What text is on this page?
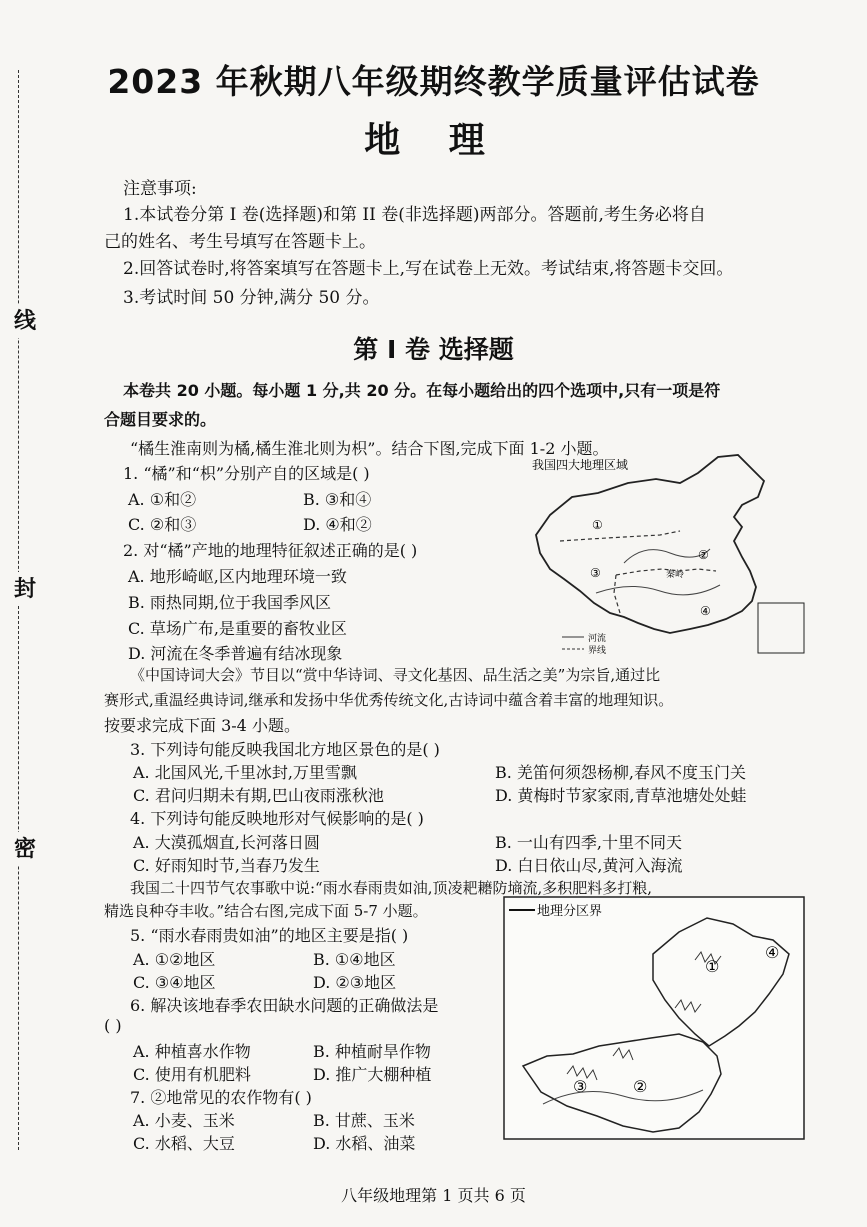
线
封
密
2023 年秋期八年级期终教学质量评估试卷
地 理
注意事项:
1.本试卷分第 I 卷(选择题)和第 II 卷(非选择题)两部分。答题前,考生务必将自
己的姓名、考生号填写在答题卡上。
2.回答试卷时,将答案填写在答题卡上,写在试卷上无效。考试结束,将答题卡交回。
3.考试时间 50 分钟,满分 50 分。
第 I 卷 选择题
本卷共 20 小题。每小题 1 分,共 20 分。在每小题给出的四个选项中,只有一项是符
合题目要求的。
“橘生淮南则为橘,橘生淮北则为枳”。结合下图,完成下面 1-2 小题。
1. “橘”和“枳”分别产自的区域是( )
A. ①和②	B. ③和④
C. ②和③	D. ④和②
2. 对“橘”产地的地理特征叙述正确的是( )
A. 地形崎岖,区内地理环境一致
B. 雨热同期,位于我国季风区
C. 草场广布,是重要的畜牧业区
D. 河流在冬季普遍有结冰现象
我国四大地理区域
①
②
③
④
秦岭
河流
界线
《中国诗词大会》节目以“赏中华诗词、寻文化基因、品生活之美”为宗旨,通过比
赛形式,重温经典诗词,继承和发扬中华优秀传统文化,古诗词中蕴含着丰富的地理知识。
按要求完成下面 3-4 小题。
3. 下列诗句能反映我国北方地区景色的是( )
A. 北国风光,千里冰封,万里雪飘	B. 羌笛何须怨杨柳,春风不度玉门关
C. 君问归期未有期,巴山夜雨涨秋池	D. 黄梅时节家家雨,青草池塘处处蛙
4. 下列诗句能反映地形对气候影响的是( )
A. 大漠孤烟直,长河落日圆	B. 一山有四季,十里不同天
C. 好雨知时节,当春乃发生	D. 白日依山尽,黄河入海流
我国二十四节气农事歌中说:“雨水春雨贵如油,顶凌耙耱防墒流,多积肥料多打粮,
精选良种夺丰收。”结合右图,完成下面 5-7 小题。
5. “雨水春雨贵如油”的地区主要是指( )
A. ①②地区	B. ①④地区
C. ③④地区	D. ②③地区
6. 解决该地春季农田缺水问题的正确做法是
( )
A. 种植喜水作物	B. 种植耐旱作物
C. 使用有机肥料	D. 推广大棚种植
7. ②地常见的农作物有( )
A. 小麦、玉米	B. 甘蔗、玉米
C. 水稻、大豆	D. 水稻、油菜
地理分区界
①
②
③
④
八年级地理第 1 页共 6 页
